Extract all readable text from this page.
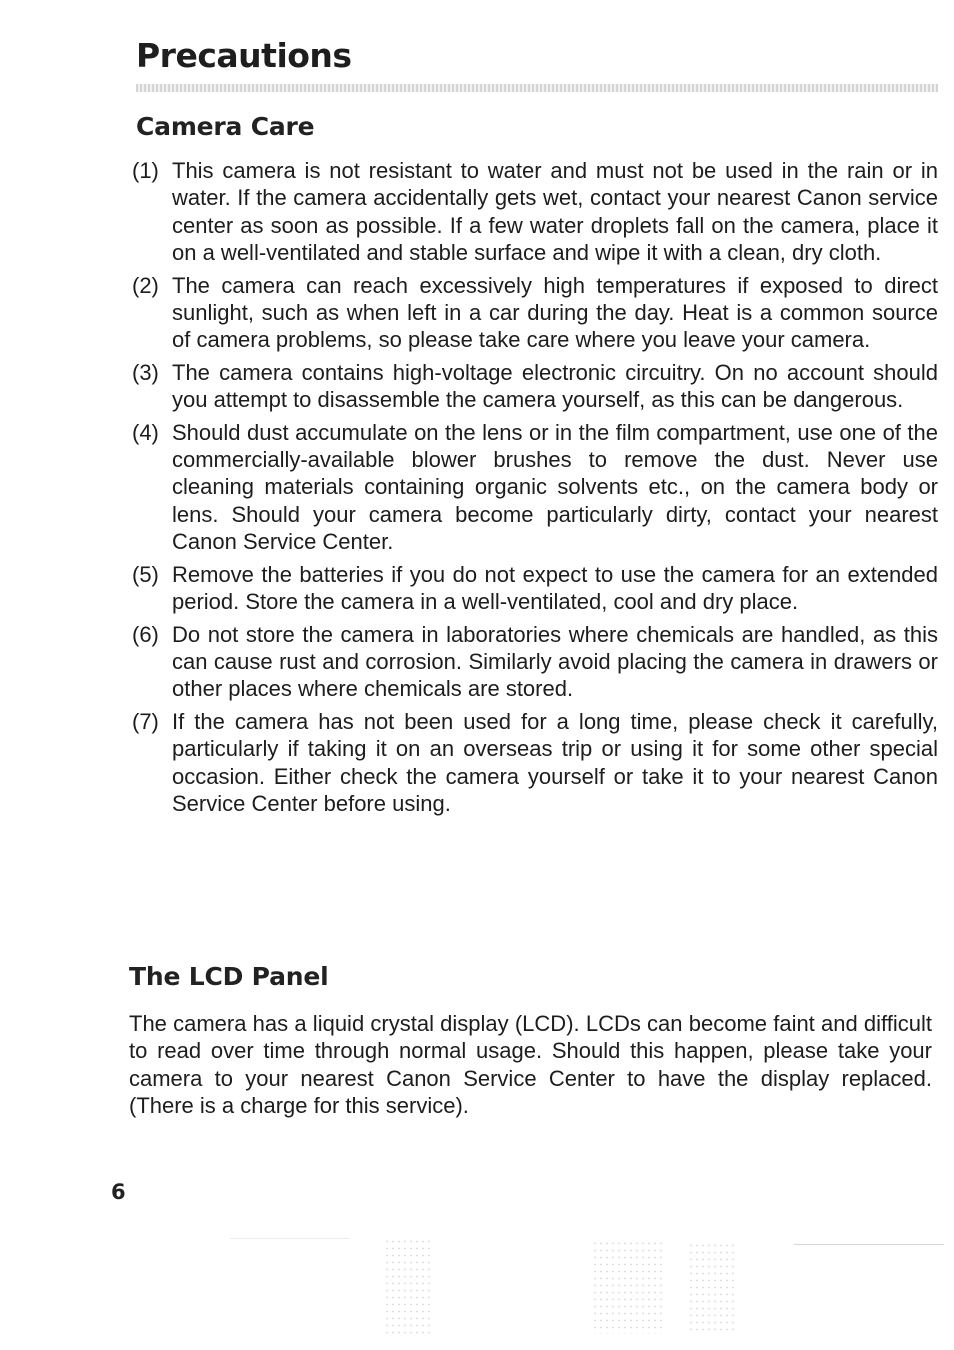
Precautions
Camera Care
(1) This camera is not resistant to water and must not be used in the rain or in water. If the camera accidentally gets wet, contact your nearest Canon service center as soon as possible. If a few water droplets fall on the camera, place it on a well-ventilated and stable surface and wipe it with a clean, dry cloth.
(2) The camera can reach excessively high temperatures if exposed to direct sunlight, such as when left in a car during the day. Heat is a common source of camera problems, so please take care where you leave your camera.
(3) The camera contains high-voltage electronic circuitry. On no account should you attempt to disassemble the camera yourself, as this can be dangerous.
(4) Should dust accumulate on the lens or in the film compartment, use one of the commercially-available blower brushes to remove the dust. Never use cleaning materials containing organic solvents etc., on the camera body or lens. Should your camera become particularly dirty, contact your nearest Canon Service Center.
(5) Remove the batteries if you do not expect to use the camera for an extended period. Store the camera in a well-ventilated, cool and dry place.
(6) Do not store the camera in laboratories where chemicals are handled, as this can cause rust and corrosion. Similarly avoid placing the camera in drawers or other places where chemicals are stored.
(7) If the camera has not been used for a long time, please check it carefully, particularly if taking it on an overseas trip or using it for some other special occasion. Either check the camera yourself or take it to your nearest Canon Service Center before using.
The LCD Panel

The camera has a liquid crystal display (LCD). LCDs can become faint and difficult to read over time through normal usage. Should this happen, please take your camera to your nearest Canon Service Center to have the display replaced. (There is a charge for this service).

6
